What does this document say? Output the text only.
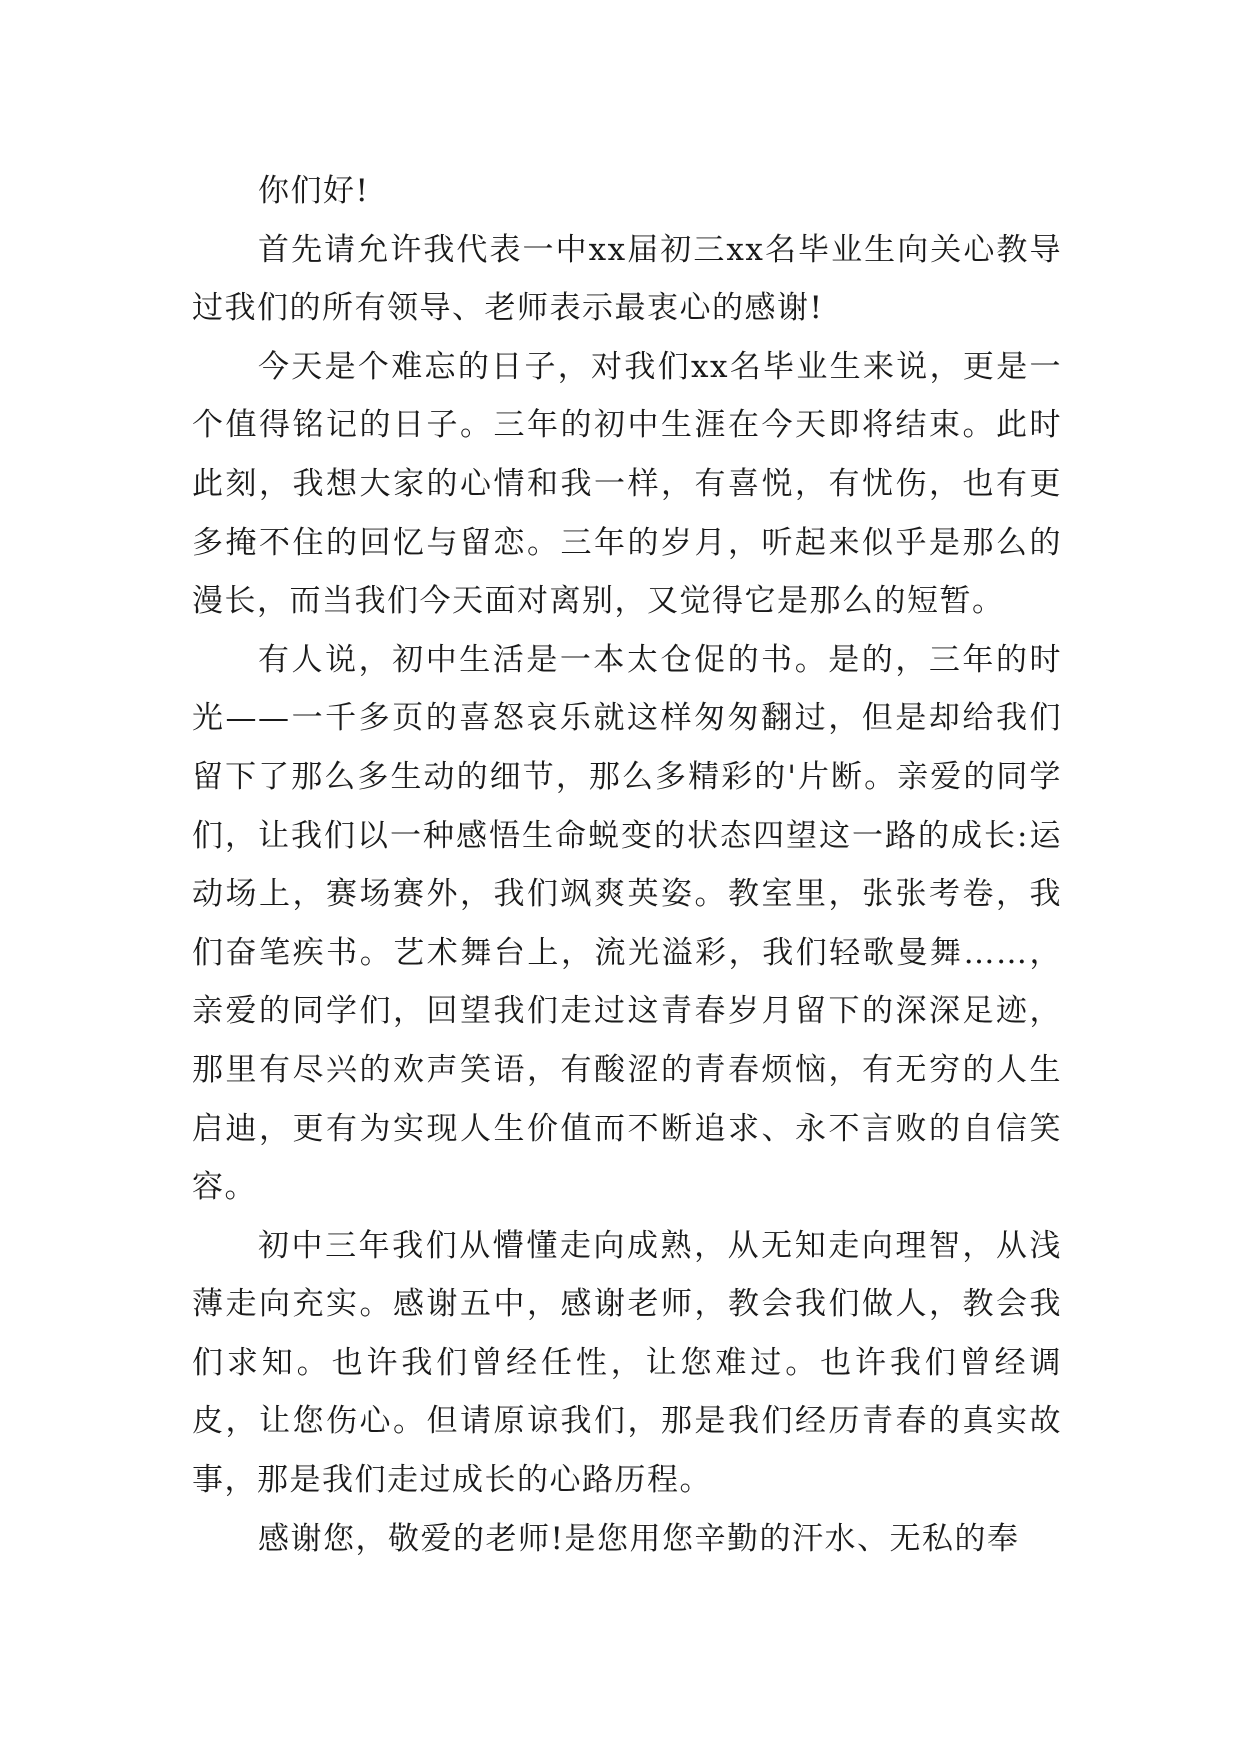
你们好!

首先请允许我代表一中xx届初三xx名毕业生向关心教导过我们的所有领导、老师表示最衷心的感谢!

今天是个难忘的日子，对我们xx名毕业生来说，更是一个值得铭记的日子。三年的初中生涯在今天即将结束。此时此刻，我想大家的心情和我一样，有喜悦，有忧伤，也有更多掩不住的回忆与留恋。三年的岁月，听起来似乎是那么的漫长，而当我们今天面对离别，又觉得它是那么的短暂。

有人说，初中生活是一本太仓促的书。是的，三年的时光——一千多页的喜怒哀乐就这样匆匆翻过，但是却给我们留下了那么多生动的细节，那么多精彩的'片断。亲爱的同学们，让我们以一种感悟生命蜕变的状态四望这一路的成长:运动场上，赛场赛外，我们飒爽英姿。教室里，张张考卷，我们奋笔疾书。艺术舞台上，流光溢彩，我们轻歌曼舞……，亲爱的同学们，回望我们走过这青春岁月留下的深深足迹，那里有尽兴的欢声笑语，有酸涩的青春烦恼，有无穷的人生启迪，更有为实现人生价值而不断追求、永不言败的自信笑容。

初中三年我们从懵懂走向成熟，从无知走向理智，从浅薄走向充实。感谢五中，感谢老师，教会我们做人，教会我们求知。也许我们曾经任性，让您难过。也许我们曾经调皮，让您伤心。但请原谅我们，那是我们经历青春的真实故事，那是我们走过成长的心路历程。

感谢您，敬爱的老师!是您用您辛勤的汗水、无私的奉
